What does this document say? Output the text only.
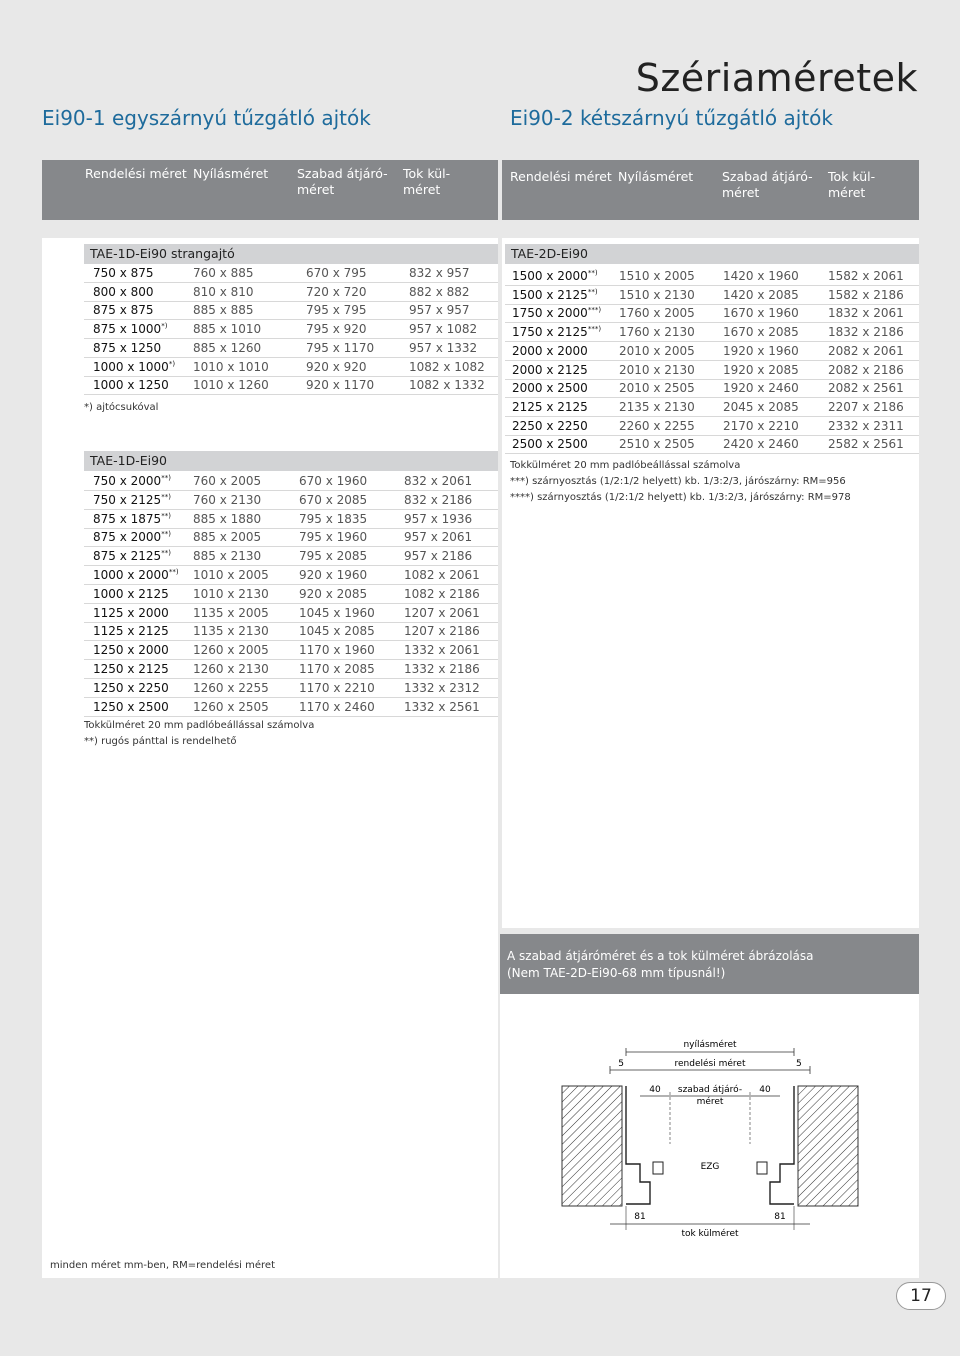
Szériaméretek
Ei90-1 egyszárnyú tűzgátló ajtók	Ei90-2 kétszárnyú tűzgátló ajtók
Rendelési méret Nyílásméret Szabad átjáró-
méret
Tok kül-
méret
Rendelési méret Nyílásméret Szabad átjáró-
méret
Tok kül-
méret
TAE-1D-Ei90 strangajtó
750 x 875	760 x 885	670 x 795	832 x 957
800 x 800	810 x 810	720 x 720	882 x 882
875 x 875	885 x 885	795 x 795	957 x 957
875 x 1000*) 885 x 1010	795 x 920	957 x 1082
875 x 1250	885 x 1260	795 x 1170	957 x 1332
1000 x 1000*) 1010 x 1010	920 x 920	1082 x 1082
1000 x 1250 1010 x 1260	920 x 1170	1082 x 1332
*) ajtócsukóval
TAE-1D-Ei90
750 x 2000**) 760 x 2005	670 x 1960	832 x 2061
750 x 2125**) 760 x 2130	670 x 2085	832 x 2186
875 x 1875**) 885 x 1880	795 x 1835	957 x 1936
875 x 2000**) 885 x 2005	795 x 1960	957 x 2061
875 x 2125**) 885 x 2130	795 x 2085	957 x 2186
1000 x 2000**) 1010 x 2005	920 x 1960	1082 x 2061
1000 x 2125 1010 x 2130	920 x 2085	1082 x 2186
1125 x 2000 1135 x 2005	1045 x 1960 1207 x 2061
1125 x 2125 1135 x 2130	1045 x 2085 1207 x 2186
1250 x 2000 1260 x 2005	1170 x 1960 1332 x 2061
1250 x 2125 1260 x 2130	1170 x 2085 1332 x 2186
1250 x 2250 1260 x 2255	1170 x 2210 1332 x 2312
1250 x 2500 1260 x 2505	1170 x 2460 1332 x 2561
Tokkülméret 20 mm padlóbeállással számolva
**) rugós pánttal is rendelhető
TAE-2D-Ei90
1500 x 2000**) 1510 x 2005 1420 x 1960 1582 x 2061
1500 x 2125**) 1510 x 2130 1420 x 2085 1582 x 2186
1750 x 2000***) 1760 x 2005 1670 x 1960 1832 x 2061
1750 x 2125***) 1760 x 2130 1670 x 2085 1832 x 2186
2000 x 2000	2010 x 2005 1920 x 1960 2082 x 2061
2000 x 2125	2010 x 2130 1920 x 2085 2082 x 2186
2000 x 2500	2010 x 2505 1920 x 2460 2082 x 2561
2125 x 2125	2135 x 2130 2045 x 2085 2207 x 2186
2250 x 2250	2260 x 2255 2170 x 2210 2332 x 2311
2500 x 2500	2510 x 2505 2420 x 2460 2582 x 2561
Tokkülméret 20 mm padlóbeállással számolva
***) szárnyosztás (1/2:1/2 helyett) kb. 1/3:2/3, járószárny: RM=956
****) szárnyosztás (1/2:1/2 helyett) kb. 1/3:2/3, járószárny: RM=978
A szabad átjáróméret és a tok külméret ábrázolása
(Nem TAE-2D-Ei90-68 mm típusnál!)
nyílásméret
5	rendelési méret	5
40 szabad átjáró-
méret
40
EZG
81	81
tok külméret
minden méret mm-ben, RM=rendelési méret
17
